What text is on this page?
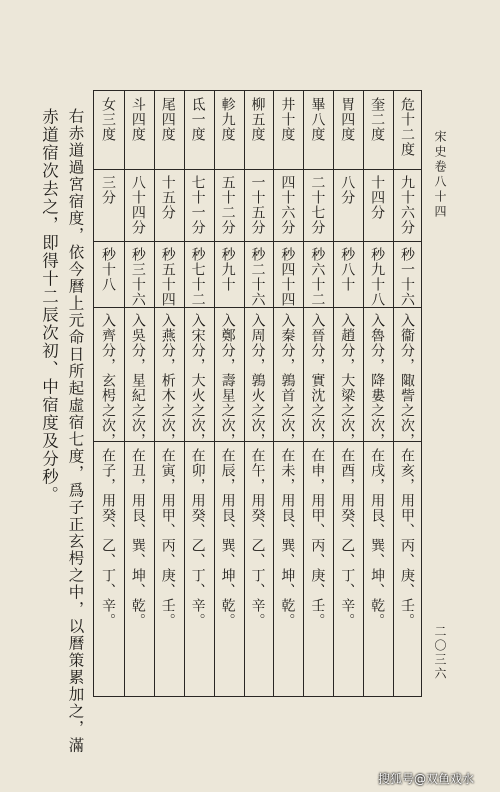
宋史卷八十四
二〇三六
危十二度
九十六分
秒一十六
入衞分，陬訾之次，在亥，用甲、丙、庚、壬。
奎二度
十四分
秒九十八
入魯分，降婁之次，在戌，用艮、巽、坤、乾。
胃四度
八分
秒八十
入趙分，大梁之次，在酉，用癸、乙、丁、辛。
畢八度
二十七分
秒六十二
入晉分，實沈之次，在申，用甲、丙、庚、壬。
井十度
四十六分
秒四十四
入秦分，鶉首之次，在未，用艮、巽、坤、乾。
柳五度
一十五分
秒二十六
入周分，鶉火之次，在午，用癸、乙、丁、辛。
軫九度
五十二分
秒九十
入鄭分，壽星之次，在辰，用艮、巽、坤、乾。
氐一度
七十一分
秒七十二
入宋分，大火之次，在卯，用癸、乙、丁、辛。
尾四度
十五分
秒五十四
入燕分，析木之次，在寅，用甲、丙、庚、壬。
斗四度
八十四分
秒三十六
入吳分，星紀之次，在丑，用艮、巽、坤、乾。
女三度
三分
秒十八
入齊分，玄枵之次，在子，用癸、乙、丁、辛。
右赤道過宮宿度，依今曆上元命日所起虛宿七度，爲子正玄枵之中，以曆策累加之，滿
赤道宿次去之，即得十二辰次初、中宿度及分秒。
搜狐号@双鱼戏水
